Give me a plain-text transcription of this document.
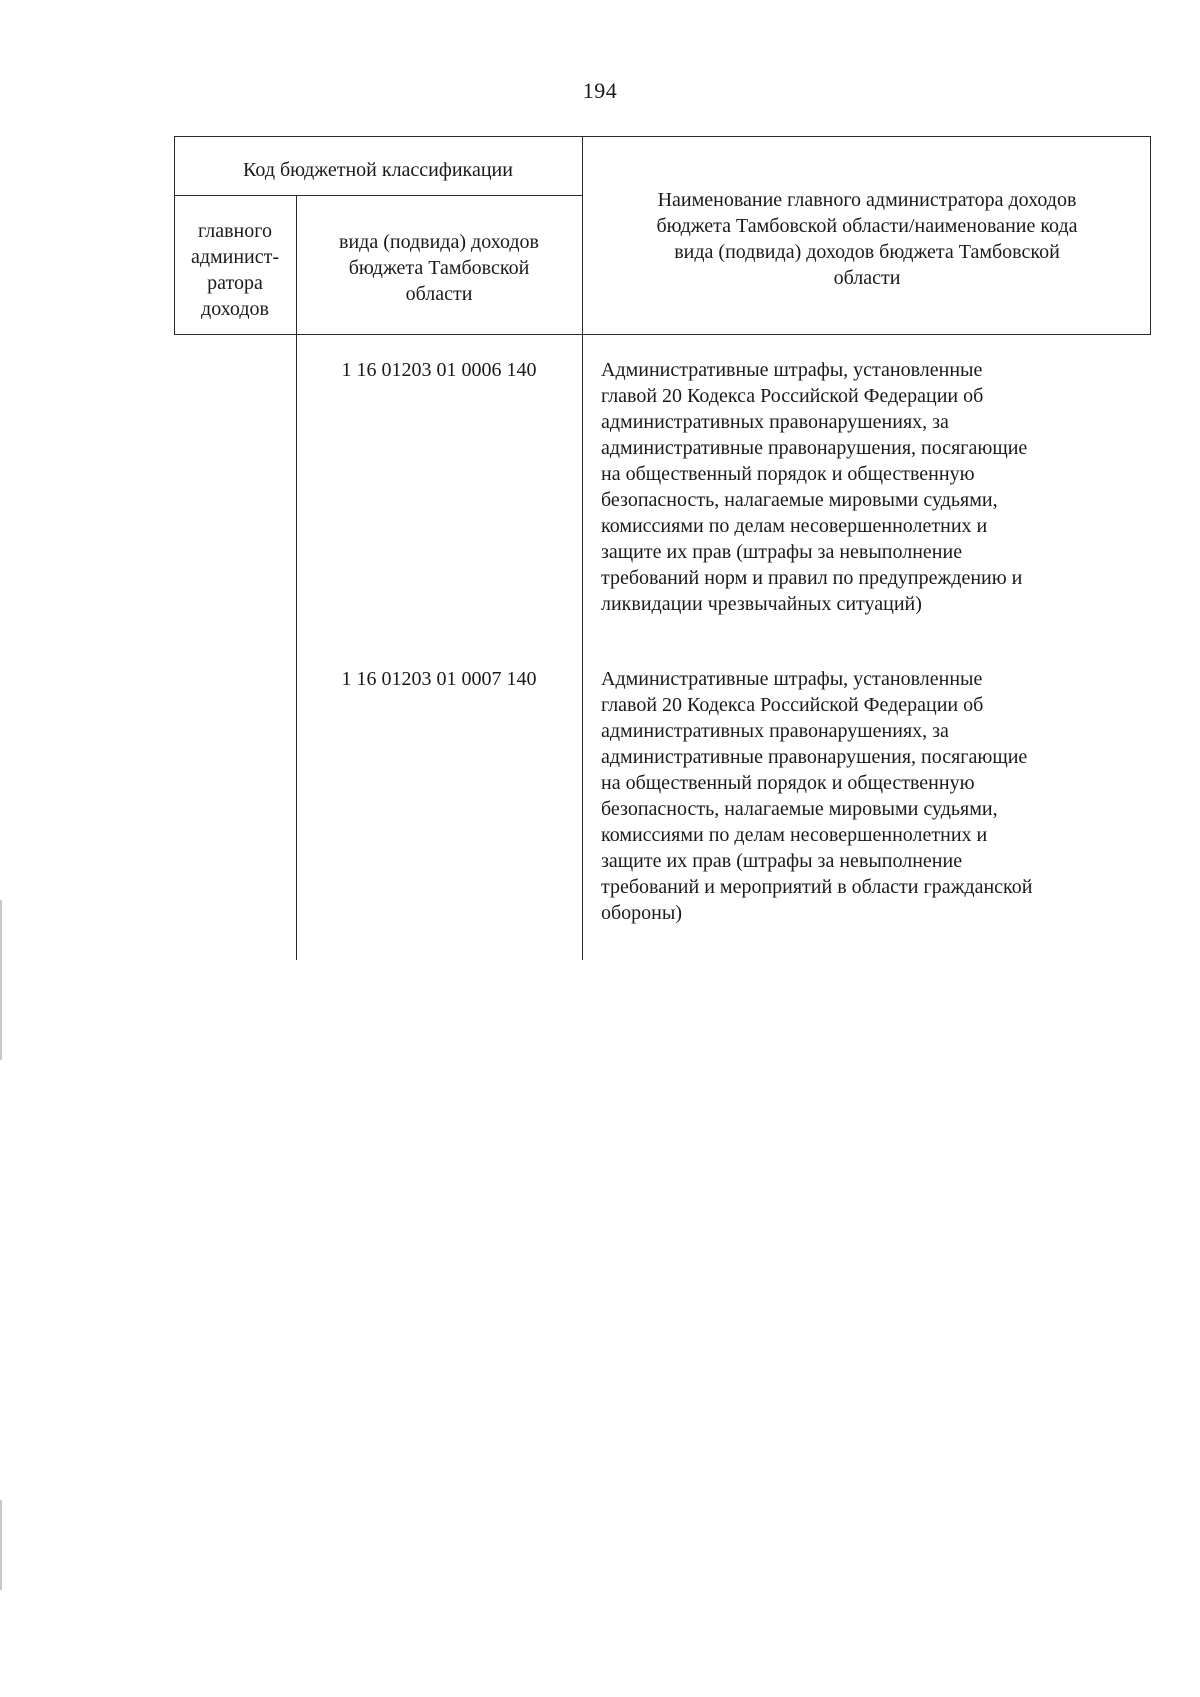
194
Код бюджетной классификации
главного
админист-
ратора
доходов
вида (подвида) доходов
бюджета Тамбовской
области
Наименование главного администратора доходов
бюджета Тамбовской области/наименование кода
вида (подвида) доходов бюджета Тамбовской
области
1 16 01203 01 0006 140	Административные штрафы, установленные
главой 20 Кодекса Российской Федерации об
административных правонарушениях, за
административные правонарушения, посягающие
на общественный порядок и общественную
безопасность, налагаемые мировыми судьями,
комиссиями по делам несовершеннолетних и
защите их прав (штрафы за невыполнение
требований норм и правил по предупреждению и
ликвидации чрезвычайных ситуаций)
1 16 01203 01 0007 140	Административные штрафы, установленные
главой 20 Кодекса Российской Федерации об
административных правонарушениях, за
административные правонарушения, посягающие
на общественный порядок и общественную
безопасность, налагаемые мировыми судьями,
комиссиями по делам несовершеннолетних и
защите их прав (штрафы за невыполнение
требований и мероприятий в области гражданской
обороны)
